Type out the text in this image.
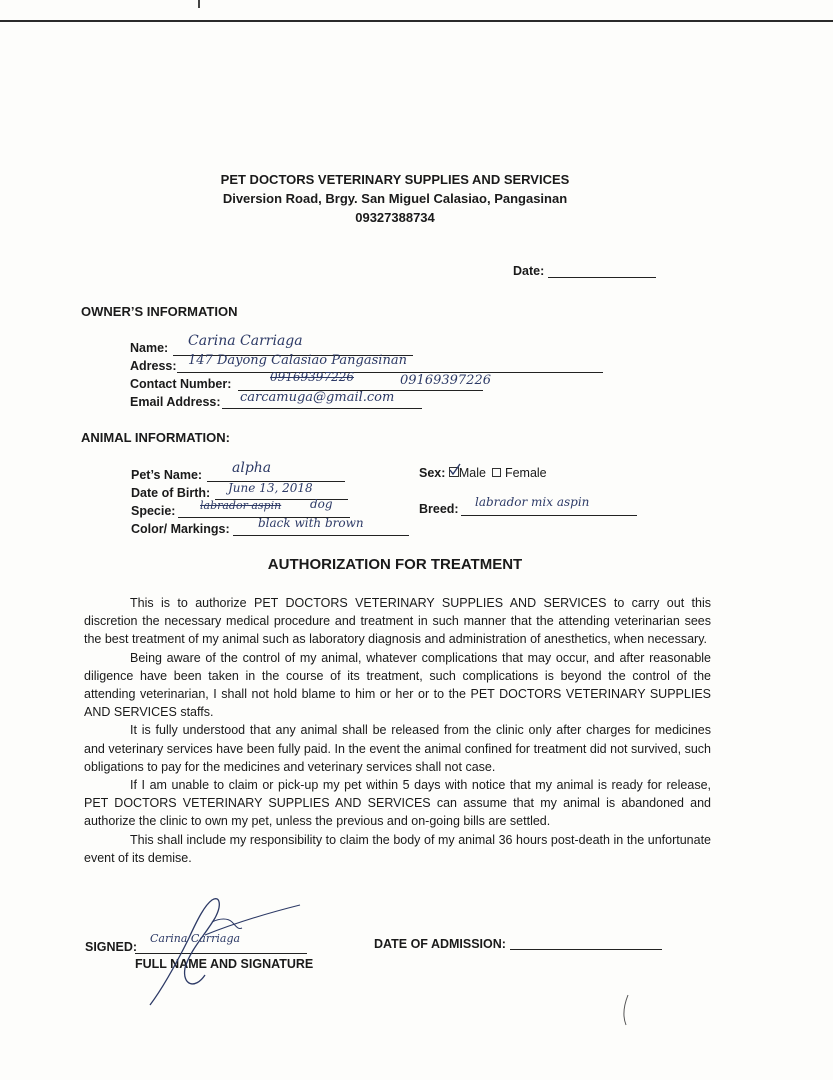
PET DOCTORS VETERINARY SUPPLIES AND SERVICES
Diversion Road, Brgy. San Miguel Calasiao, Pangasinan
09327388734
Date:
OWNER’S INFORMATION
Name: Carina Carriaga
Adress: 147 Dayong Calasiao Pangasinan
Contact Number:	09169397226	09169397226
Email Address: carcamuga@gmail.com
ANIMAL INFORMATION:
Pet’s Name: alpha
Date of Birth: June 13, 2018
Specie: labrador aspin dog
Color/ Markings: black with brown
Sex: Male Female
Breed: labrador mix aspin
AUTHORIZATION FOR TREATMENT

This is to authorize PET DOCTORS VETERINARY SUPPLIES AND SERVICES to carry out this discretion the necessary medical procedure and treatment in such manner that the attending veterinarian sees the best treatment of my animal such as laboratory diagnosis and administration of anesthetics, when necessary.

Being aware of the control of my animal, whatever complications that may occur, and after reasonable diligence have been taken in the course of its treatment, such complications is beyond the control of the attending veterinarian, I shall not hold blame to him or her or to the PET DOCTORS VETERINARY SUPPLIES AND SERVICES staffs.

It is fully understood that any animal shall be released from the clinic only after charges for medicines and veterinary services have been fully paid. In the event the animal confined for treatment did not survived, such obligations to pay for the medicines and veterinary services shall not case.

If I am unable to claim or pick-up my pet within 5 days with notice that my animal is ready for release, PET DOCTORS VETERINARY SUPPLIES AND SERVICES can assume that my animal is abandoned and authorize the clinic to own my pet, unless the previous and on-going bills are settled.

This shall include my responsibility to claim the body of my animal 36 hours post-death in the unfortunate event of its demise.

SIGNED:
Carina Carriaga
FULL NAME AND SIGNATURE
DATE OF ADMISSION:
